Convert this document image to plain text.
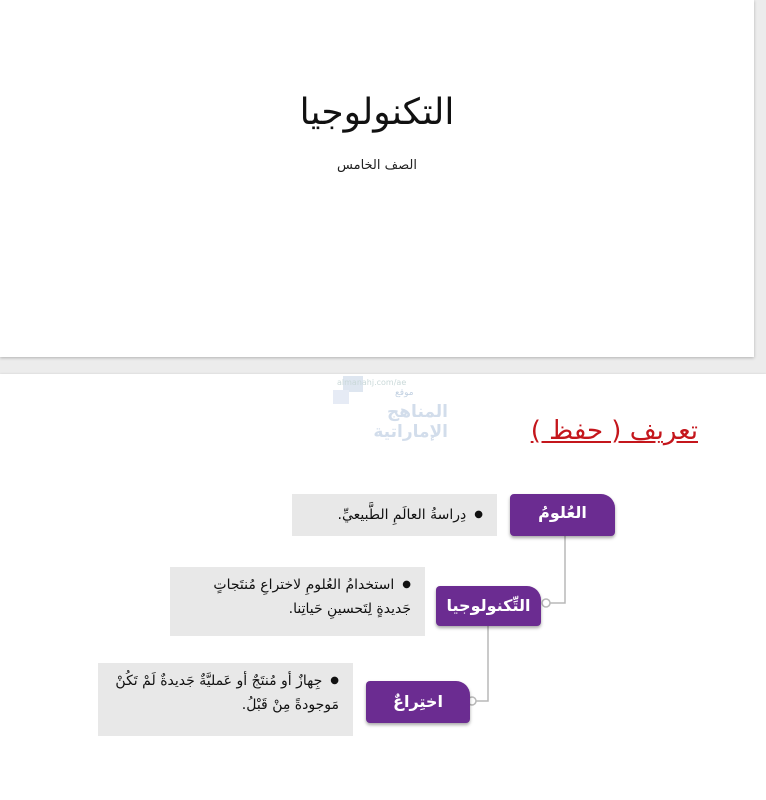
التكنولوجيا
الصف الخامس
almanahj.com/ae
موقع
المناهج الإماراتية	تعريف ( حفظ )
العُلومُ
●دِراسةُ العالَمِ الطَّبيعيِّ.
التِّكنولوجيا
●استخدامُ العُلومِ لاختراعِ مُنتَجاتٍ جَديدةٍ لِتَحسينِ حَياتِنا.
اختِراعٌ
●جِهازٌ أو مُنتَجٌ أو عَمليَّةٌ جَديدةٌ لَمْ تَكُنْ مَوجودةً مِنْ قَبْلُ.
